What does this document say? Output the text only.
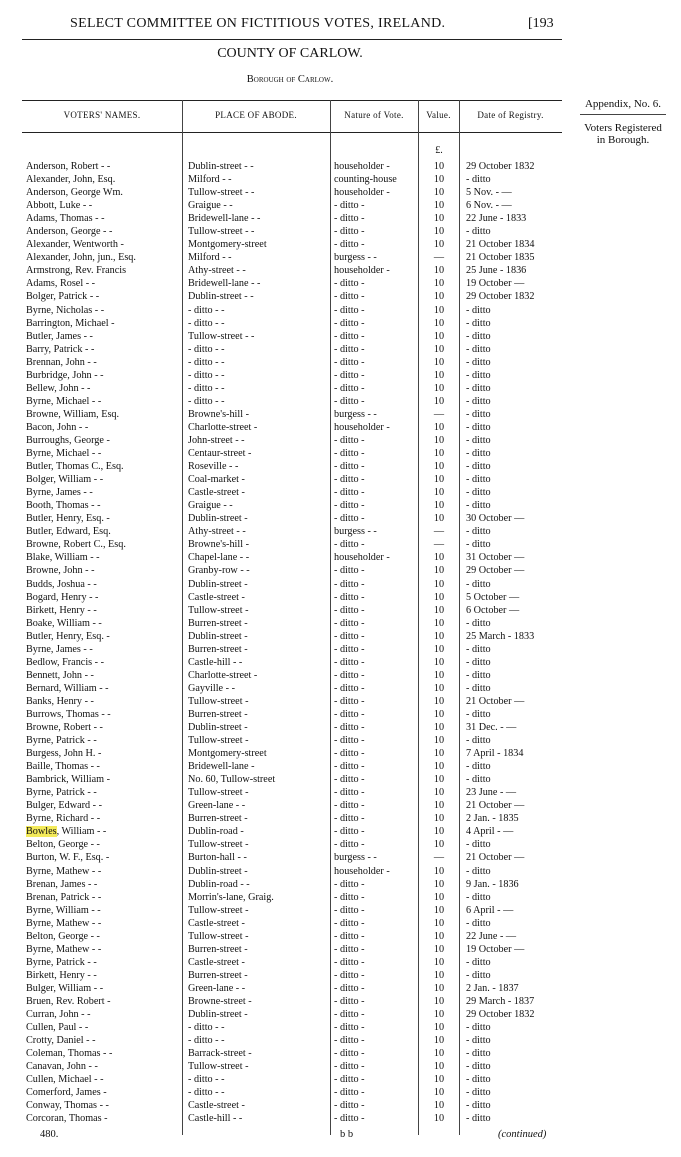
SELECT COMMITTEE ON FICTITIOUS VOTES, IRELAND.	[193
COUNTY OF CARLOW.
Borough of Carlow.
Appendix, No. 6.
Voters Registered
in Borough.
VOTERS' NAMES.	PLACE OF ABODE.	Nature of Vote.	Value.	Date of Registry.
£.
Anderson, Robert - -	Dublin-street - -	householder -	10	29 October 1832
Alexander, John, Esq.	Milford - -	counting-house	10	- ditto
Anderson, George Wm.	Tullow-street - -	householder -	10	5 Nov. - —
Abbott, Luke - -	Graigue - -	- ditto -	10	6 Nov. - —
Adams, Thomas - -	Bridewell-lane - -	- ditto -	10	22 June - 1833
Anderson, George - -	Tullow-street - -	- ditto -	10	- ditto
Alexander, Wentworth -	Montgomery-street	- ditto -	10	21 October 1834
Alexander, John, jun., Esq.	Milford - -	burgess - -	—	21 October 1835
Armstrong, Rev. Francis	Athy-street - -	householder -	10	25 June - 1836
Adams, Rosel - -	Bridewell-lane - -	- ditto -	10	19 October —
Bolger, Patrick - -	Dublin-street - -	- ditto -	10	29 October 1832
Byrne, Nicholas - -	- ditto - -	- ditto -	10	- ditto
Barrington, Michael -	- ditto - -	- ditto -	10	- ditto
Butler, James - -	Tullow-street - -	- ditto -	10	- ditto
Barry, Patrick - -	- ditto - -	- ditto -	10	- ditto
Brennan, John - -	- ditto - -	- ditto -	10	- ditto
Burbridge, John - -	- ditto - -	- ditto -	10	- ditto
Bellew, John - -	- ditto - -	- ditto -	10	- ditto
Byrne, Michael - -	- ditto - -	- ditto -	10	- ditto
Browne, William, Esq.	Browne's-hill -	burgess - -	—	- ditto
Bacon, John - -	Charlotte-street -	householder -	10	- ditto
Burroughs, George -	John-street - -	- ditto -	10	- ditto
Byrne, Michael - -	Centaur-street -	- ditto -	10	- ditto
Butler, Thomas C., Esq.	Roseville - -	- ditto -	10	- ditto
Bolger, William - -	Coal-market -	- ditto -	10	- ditto
Byrne, James - -	Castle-street -	- ditto -	10	- ditto
Booth, Thomas - -	Graigue - -	- ditto -	10	- ditto
Butler, Henry, Esq. -	Dublin-street -	- ditto -	10	30 October —
Butler, Edward, Esq.	Athy-street - -	burgess - -	—	- ditto
Browne, Robert C., Esq.	Browne's-hill -	- ditto -	—	- ditto
Blake, William - -	Chapel-lane - -	householder -	10	31 October —
Browne, John - -	Granby-row - -	- ditto -	10	29 October —
Budds, Joshua - -	Dublin-street -	- ditto -	10	- ditto
Bogard, Henry - -	Castle-street -	- ditto -	10	5 October —
Birkett, Henry - -	Tullow-street -	- ditto -	10	6 October —
Boake, William - -	Burren-street -	- ditto -	10	- ditto
Butler, Henry, Esq. -	Dublin-street -	- ditto -	10	25 March - 1833
Byrne, James - -	Burren-street -	- ditto -	10	- ditto
Bedlow, Francis - -	Castle-hill - -	- ditto -	10	- ditto
Bennett, John - -	Charlotte-street -	- ditto -	10	- ditto
Bernard, William - -	Gayville - -	- ditto -	10	- ditto
Banks, Henry - -	Tullow-street -	- ditto -	10	21 October —
Burrows, Thomas - -	Burren-street -	- ditto -	10	- ditto
Browne, Robert - -	Dublin-street -	- ditto -	10	31 Dec. - —
Byrne, Patrick - -	Tullow-street -	- ditto -	10	- ditto
Burgess, John H. -	Montgomery-street	- ditto -	10	7 April - 1834
Baille, Thomas - -	Bridewell-lane -	- ditto -	10	- ditto
Bambrick, William -	No. 60, Tullow-street	- ditto -	10	- ditto
Byrne, Patrick - -	Tullow-street -	- ditto -	10	23 June - —
Bulger, Edward - -	Green-lane - -	- ditto -	10	21 October —
Byrne, Richard - -	Burren-street -	- ditto -	10	2 Jan. - 1835
Bowles, William - -	Dublin-road -	- ditto -	10	4 April - —
Belton, George - -	Tullow-street -	- ditto -	10	- ditto
Burton, W. F., Esq. -	Burton-hall - -	burgess - -	—	21 October —
Byrne, Mathew - -	Dublin-street -	householder -	10	- ditto
Brenan, James - -	Dublin-road - -	- ditto -	10	9 Jan. - 1836
Brenan, Patrick - -	Morrin's-lane, Graig.	- ditto -	10	- ditto
Byrne, William - -	Tullow-street -	- ditto -	10	6 April - —
Byrne, Mathew - -	Castle-street -	- ditto -	10	- ditto
Belton, George - -	Tullow-street -	- ditto -	10	22 June - —
Byrne, Mathew - -	Burren-street -	- ditto -	10	19 October —
Byrne, Patrick - -	Castle-street -	- ditto -	10	- ditto
Birkett, Henry - -	Burren-street -	- ditto -	10	- ditto
Bulger, William - -	Green-lane - -	- ditto -	10	2 Jan. - 1837
Bruen, Rev. Robert -	Browne-street -	- ditto -	10	29 March - 1837
Curran, John - -	Dublin-street -	- ditto -	10	29 October 1832
Cullen, Paul - -	- ditto - -	- ditto -	10	- ditto
Crotty, Daniel - -	- ditto - -	- ditto -	10	- ditto
Coleman, Thomas - -	Barrack-street -	- ditto -	10	- ditto
Canavan, John - -	Tullow-street -	- ditto -	10	- ditto
Cullen, Michael - -	- ditto - -	- ditto -	10	- ditto
Comerford, James -	- ditto - -	- ditto -	10	- ditto
Conway, Thomas - -	Castle-street -	- ditto -	10	- ditto
Corcoran, Thomas -	Castle-hill - -	- ditto -	10	- ditto
480.	b b	(continued)
